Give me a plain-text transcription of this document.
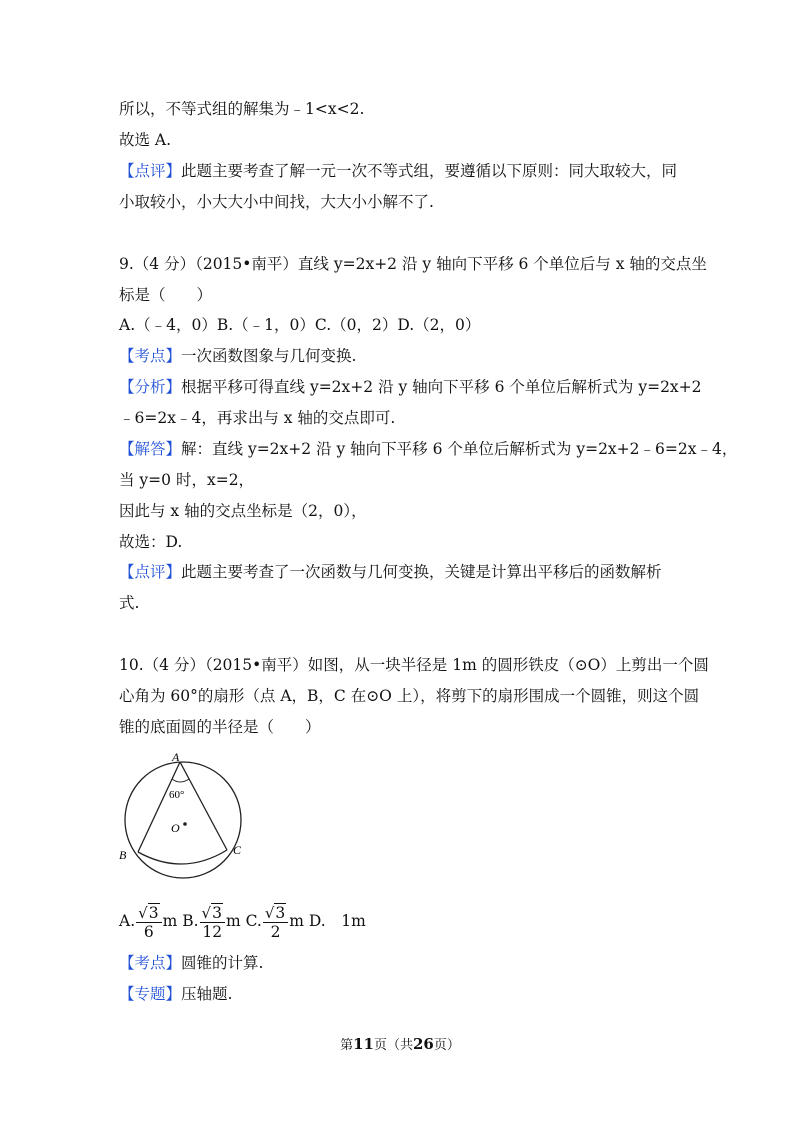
所以，不等式组的解集为﹣1<x<2.
故选 A.
【点评】此题主要考查了解一元一次不等式组，要遵循以下原则：同大取较大，同
小取较小，小大大小中间找，大大小小解不了.
9.（4 分）（2015•南平）直线 y=2x+2 沿 y 轴向下平移 6 个单位后与 x 轴的交点坐
标是（　　）
A.（﹣4，0）B.（﹣1，0）C.（0，2）D.（2，0）
【考点】一次函数图象与几何变换.
【分析】根据平移可得直线 y=2x+2 沿 y 轴向下平移 6 个单位后解析式为 y=2x+2
﹣6=2x﹣4，再求出与 x 轴的交点即可.
【解答】解：直线 y=2x+2 沿 y 轴向下平移 6 个单位后解析式为 y=2x+2﹣6=2x﹣4，
当 y=0 时，x=2，
因此与 x 轴的交点坐标是（2，0），
故选：D.
【点评】此题主要考查了一次函数与几何变换，关键是计算出平移后的函数解析
式.
10.（4 分）（2015•南平）如图，从一块半径是 1m 的圆形铁皮（⊙O）上剪出一个圆
心角为 60°的扇形（点 A，B，C 在⊙O 上），将剪下的扇形围成一个圆锥，则这个圆
锥的底面圆的半径是（　　）
A
60°
O
B	C
A. $\frac{√3}{6}$ m B. $\frac{√3}{12}$ m C. $\frac{√3}{2}$ m D.　1m
【考点】圆锥的计算.
【专题】压轴题.
第11页（共26页）
